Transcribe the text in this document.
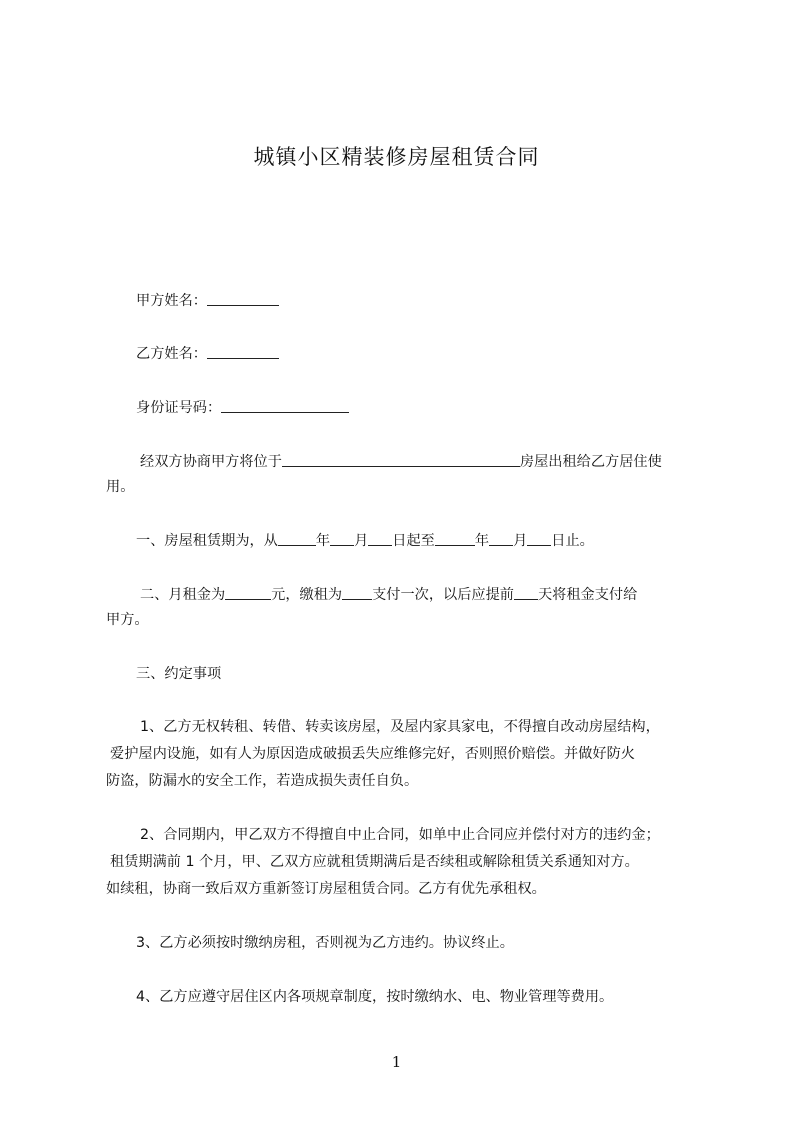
城镇小区精装修房屋租赁合同
甲方姓名：
乙方姓名：
身份证号码：
经双方协商甲方将位于	房屋出租给乙方居住使
用。
一、房屋租赁期为，从	年 月 日起至	年 月 日止。
二、月租金为	元，缴租为 支付一次，以后应提前 天将租金支付给
甲方。
三、约定事项
1、乙方无权转租、转借、转卖该房屋，及屋内家具家电，不得擅自改动房屋结构，
爱护屋内设施，如有人为原因造成破损丢失应维修完好，否则照价赔偿。并做好防火
防盗，防漏水的安全工作，若造成损失责任自负。
2、合同期内，甲乙双方不得擅自中止合同，如单中止合同应并偿付对方的违约金；
租赁期满前 1 个月，甲、乙双方应就租赁期满后是否续租或解除租赁关系通知对方。
如续租，协商一致后双方重新签订房屋租赁合同。乙方有优先承租权。
3、乙方必须按时缴纳房租，否则视为乙方违约。协议终止。
4、乙方应遵守居住区内各项规章制度，按时缴纳水、电、物业管理等费用。
1
